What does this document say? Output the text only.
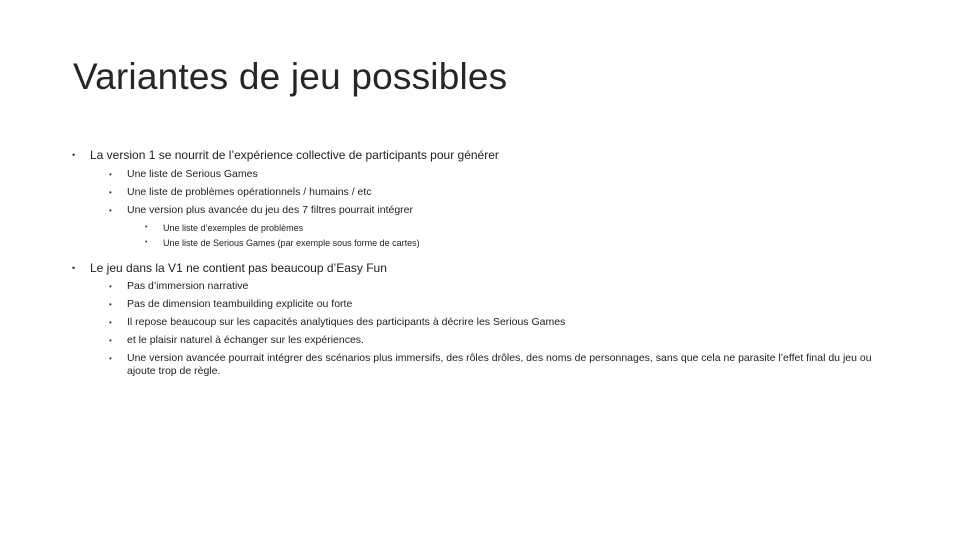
Variantes de jeu possibles
• La version 1 se nourrit de l’expérience collective de participants pour générer
• Une liste de Serious Games
• Une liste de problèmes opérationnels / humains / etc
• Une version plus avancée du jeu des 7 filtres pourrait intégrer
• Une liste d’exemples de problèmes
• Une liste de Serious Games (par exemple sous forme de cartes)
• Le jeu dans la V1 ne contient pas beaucoup d’Easy Fun
• Pas d’immersion narrative
• Pas de dimension teambuilding explicite ou forte
• Il repose beaucoup sur les capacités analytiques des participants à décrire les Serious Games
• et le plaisir naturel à échanger sur les expériences.
• Une version avancée pourrait intégrer des scénarios plus immersifs, des rôles drôles, des noms de personnages, sans que cela ne parasite l’effet final du jeu ou ajoute trop de règle.
